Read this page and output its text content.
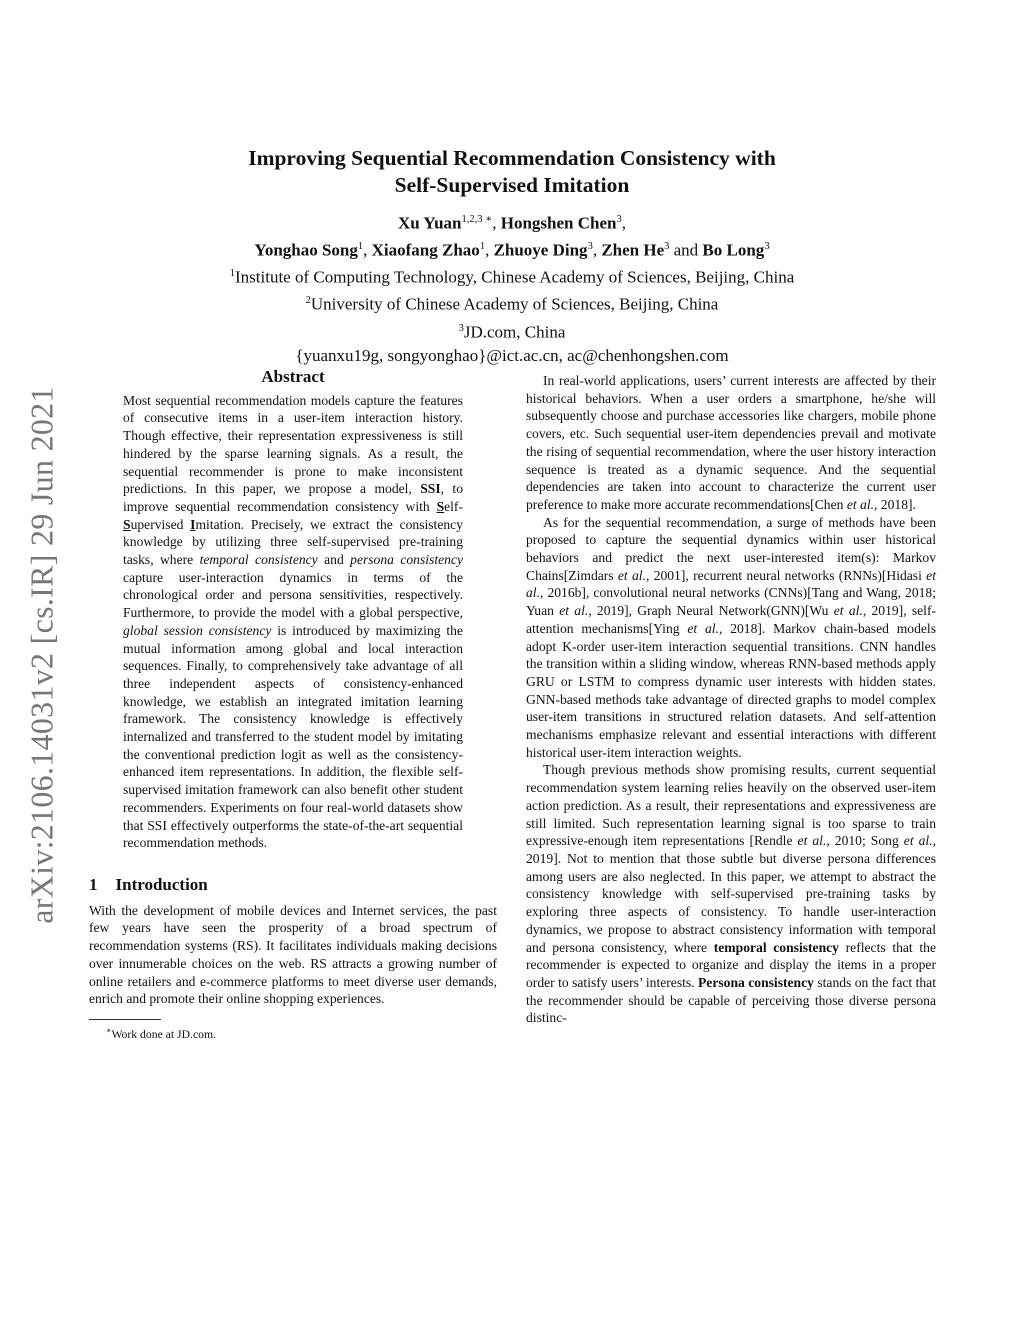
arXiv:2106.14031v2 [cs.IR] 29 Jun 2021
Improving Sequential Recommendation Consistency with
Self-Supervised Imitation
Xu Yuan$^{1,2,3 ∗}$, Hongshen Chen$^3$,
Yonghao Song$^1$, Xiaofang Zhao$^1$, Zhuoye Ding$^3$, Zhen He$^3$ and Bo Long$^3$
$^1$Institute of Computing Technology, Chinese Academy of Sciences, Beijing, China
$^2$University of Chinese Academy of Sciences, Beijing, China
$^3$JD.com, China
{yuanxu19g, songyonghao}@ict.ac.cn, ac@chenhongshen.com
Abstract

Most sequential recommendation models capture the features of consecutive items in a user-item interaction history. Though effective, their representation expressiveness is still hindered by the sparse learning signals. As a result, the sequential recommender is prone to make inconsistent predictions. In this paper, we propose a model, SSI, to improve sequential recommendation consistency with Self-Supervised Imitation. Precisely, we extract the consistency knowledge by utilizing three self-supervised pre-training tasks, where temporal consistency and persona consistency capture user-interaction dynamics in terms of the chronological order and persona sensitivities, respectively. Furthermore, to provide the model with a global perspective, global session consistency is introduced by maximizing the mutual information among global and local interaction sequences. Finally, to comprehensively take advantage of all three independent aspects of consistency-enhanced knowledge, we establish an integrated imitation learning framework. The consistency knowledge is effectively internalized and transferred to the student model by imitating the conventional prediction logit as well as the consistency-enhanced item representations. In addition, the flexible self-supervised imitation framework can also benefit other student recommenders. Experiments on four real-world datasets show that SSI effectively outperforms the state-of-the-art sequential recommendation methods.

1 Introduction

With the development of mobile devices and Internet services, the past few years have seen the prosperity of a broad spectrum of recommendation systems (RS). It facilitates individuals making decisions over innumerable choices on the web. RS attracts a growing number of online retailers and e-commerce platforms to meet diverse user demands, enrich and promote their online shopping experiences.

∗Work done at JD.com.

In real-world applications, users’ current interests are affected by their historical behaviors. When a user orders a smartphone, he/she will subsequently choose and purchase accessories like chargers, mobile phone covers, etc. Such sequential user-item dependencies prevail and motivate the rising of sequential recommendation, where the user history interaction sequence is treated as a dynamic sequence. And the sequential dependencies are taken into account to characterize the current user preference to make more accurate recommendations[Chen et al., 2018].

As for the sequential recommendation, a surge of methods have been proposed to capture the sequential dynamics within user historical behaviors and predict the next user-interested item(s): Markov Chains[Zimdars et al., 2001], recurrent neural networks (RNNs)[Hidasi et al., 2016b], convolutional neural networks (CNNs)[Tang and Wang, 2018; Yuan et al., 2019], Graph Neural Network(GNN)[Wu et al., 2019], self-attention mechanisms[Ying et al., 2018]. Markov chain-based models adopt K-order user-item interaction sequential transitions. CNN handles the transition within a sliding window, whereas RNN-based methods apply GRU or LSTM to compress dynamic user interests with hidden states. GNN-based methods take advantage of directed graphs to model complex user-item transitions in structured relation datasets. And self-attention mechanisms emphasize relevant and essential interactions with different historical user-item interaction weights.

Though previous methods show promising results, current sequential recommendation system learning relies heavily on the observed user-item action prediction. As a result, their representations and expressiveness are still limited. Such representation learning signal is too sparse to train expressive-enough item representations [Rendle et al., 2010; Song et al., 2019]. Not to mention that those subtle but diverse persona differences among users are also neglected. In this paper, we attempt to abstract the consistency knowledge with self-supervised pre-training tasks by exploring three aspects of consistency. To handle user-interaction dynamics, we propose to abstract consistency information with temporal and persona consistency, where temporal consistency reflects that the recommender is expected to organize and display the items in a proper order to satisfy users’ interests. Persona consistency stands on the fact that the recommender should be capable of perceiving those diverse persona distinc-
